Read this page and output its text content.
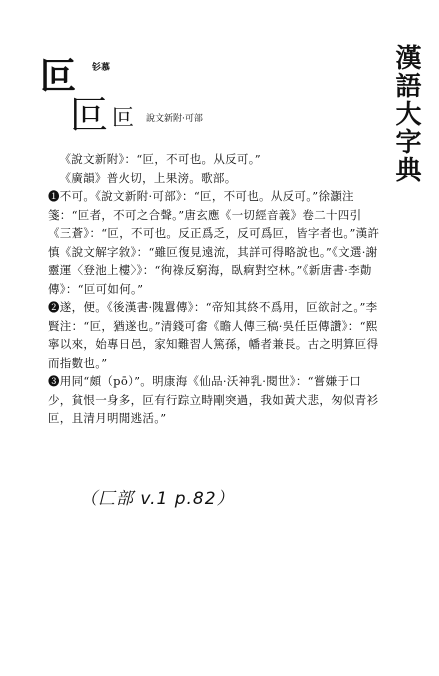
漢語大字典
叵 钐慕
叵 叵 說文新附·可部

《說文新附》：“叵，不可也。从反可。”

《廣韻》普火切，上果滂。歌部。

❶不可。《說文新附·可部》：“叵，不可也。从反可。”徐灝注箋：“叵者，不可之合聲。”唐玄應《一切經音義》卷二十四引《三蒼》：“叵，不可也。反正爲乏，反可爲叵，皆字者也。”漢許慎《說文解字敘》：“雖叵復見遠流，其詳可得略說也。”《文選·謝靈運〈登池上樓〉》：“徇祿反窮海，臥痾對空林。”《新唐書·李勣傳》：“叵可如何。”

❷遂，便。《後漢書·隗囂傳》：“帝知其終不爲用，叵欲討之。”李賢注：“叵，猶遂也。”清錢可畬《瞻人傳三稿·吳任臣傳讚》：“熙寧以來，始專日邑，家知難習人篤孫，幡者兼長。古之明算叵得而指數也。”

❸用同“頗（pō）”。明康海《仙品·沃神乳·閱世》：“嘗嫌于口少，貧恨一身多，叵有行踪立畤剛突過，我如黃犬悲，匆似青衫叵，且清月明閒逃活。”

（匚部 v.1 p.82）
